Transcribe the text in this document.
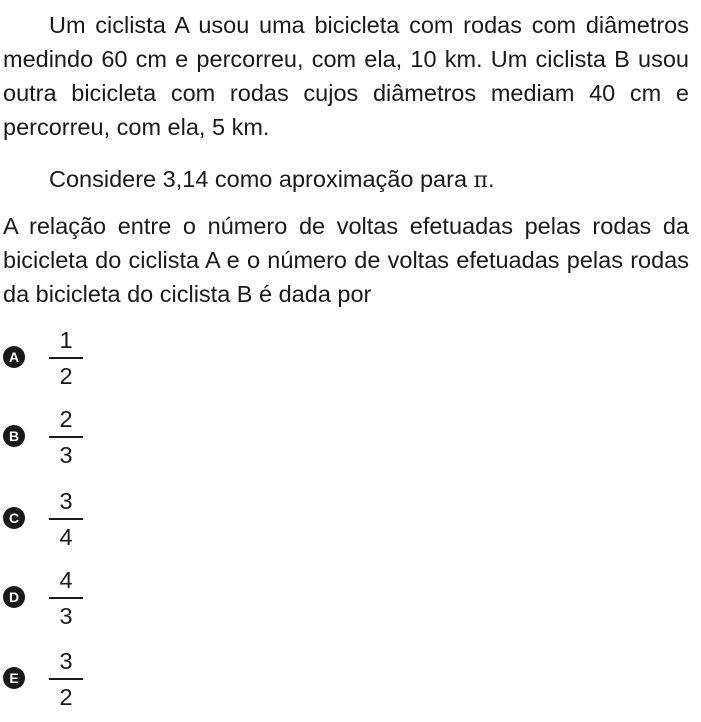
Um ciclista A usou uma bicicleta com rodas com diâmetros medindo 60 cm e percorreu, com ela, 10 km. Um ciclista B usou outra bicicleta com rodas cujos diâmetros mediam 40 cm e percorreu, com ela, 5 km.

Considere 3,14 como aproximação para π.

A relação entre o número de voltas efetuadas pelas rodas da bicicleta do ciclista A e o número de voltas efetuadas pelas rodas da bicicleta do ciclista B é dada por

A
1
2
B
2
3
C
3
4
D
4
3
E
3
2
